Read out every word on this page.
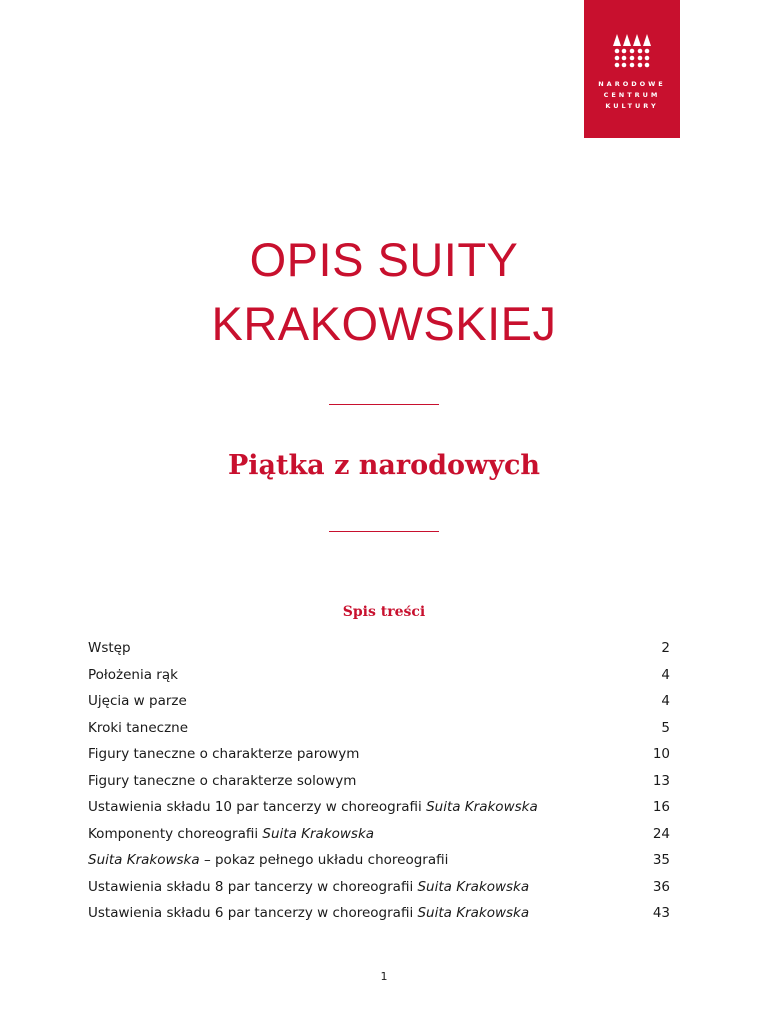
NARODOWE
CENTRUM
KULTURY
OPIS SUITY
KRAKOWSKIEJ
Piątka z narodowych
Spis treści
Wstęp	2
Położenia rąk	4
Ujęcia w parze	4
Kroki taneczne	5
Figury taneczne o charakterze parowym	10
Figury taneczne o charakterze solowym	13
Ustawienia składu 10 par tancerzy w choreografii Suita Krakowska	16
Komponenty choreografii Suita Krakowska	24
Suita Krakowska – pokaz pełnego układu choreografii	35
Ustawienia składu 8 par tancerzy w choreografii Suita Krakowska	36
Ustawienia składu 6 par tancerzy w choreografii Suita Krakowska	43
1
